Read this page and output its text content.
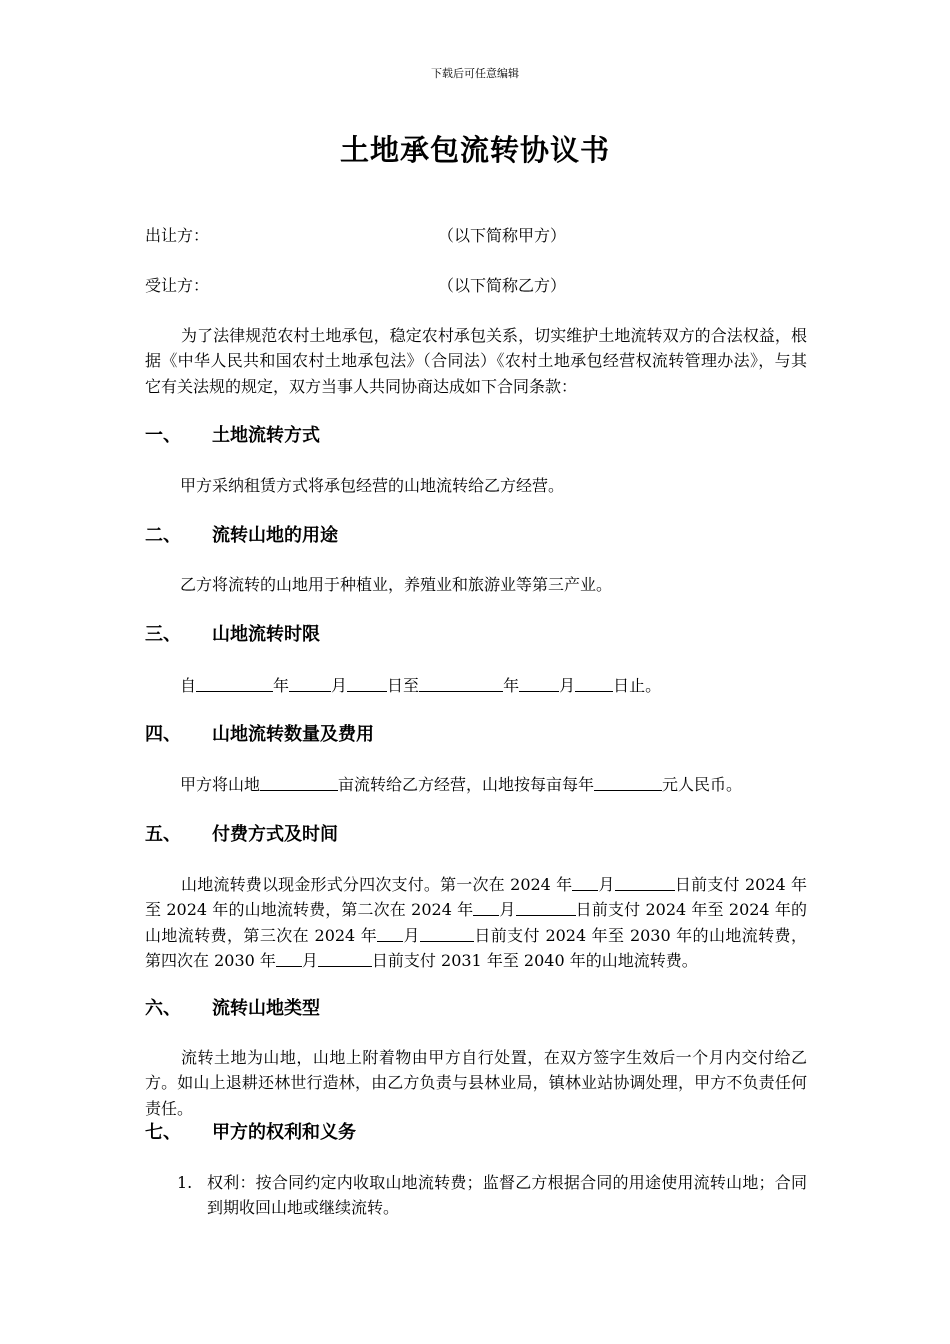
下载后可任意编辑
土地承包流转协议书
出让方：	（以下简称甲方）
受让方：	（以下简称乙方）
为了法律规范农村土地承包，稳定农村承包关系，切实维护土地流转双方的合法权益，根据《中华人民共和国农村土地承包法》（合同法）《农村土地承包经营权流转管理办法》，与其它有关法规的规定，双方当事人共同协商达成如下合同条款：
一、 土地流转方式
甲方采纳租赁方式将承包经营的山地流转给乙方经营。
二、 流转山地的用途
乙方将流转的山地用于种植业，养殖业和旅游业等第三产业。
三、 山地流转时限
自	年	月	日至	年	月 日止。
四、 山地流转数量及费用
甲方将山地	亩流转给乙方经营，山地按每亩每年	元人民币。
五、 付费方式及时间
山地流转费以现金形式分四次支付。第一次在 2024 年 月	日前支付 2024 年至 2024 年的山地流转费，第二次在 2024 年 月	日前支付 2024 年至 2024 年的山地流转费，第三次在 2024 年 月	日前支付 2024 年至 2030 年的山地流转费，第四次在 2030 年 月	日前支付 2031 年至 2040 年的山地流转费。
六、 流转山地类型
流转土地为山地，山地上附着物由甲方自行处置，在双方签字生效后一个月内交付给乙方。如山上退耕还林世行造林，由乙方负责与县林业局，镇林业站协调处理，甲方不负责任何责任。
七、 甲方的权利和义务
1. 权利：按合同约定内收取山地流转费；监督乙方根据合同的用途使用流转山地；合同到期收回山地或继续流转。
